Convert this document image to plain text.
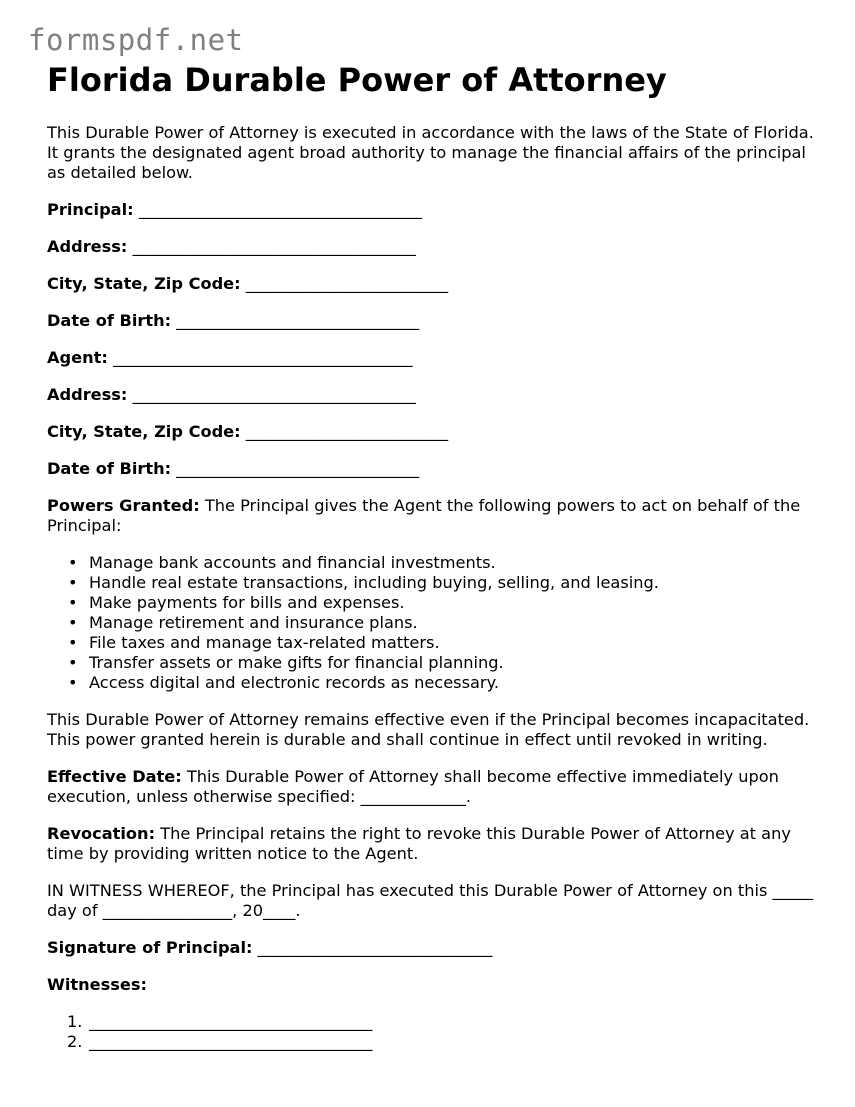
formspdf.net
Florida Durable Power of Attorney

This Durable Power of Attorney is executed in accordance with the laws of the State of Florida. It grants the designated agent broad authority to manage the financial affairs of the principal as detailed below.

Principal: ___________________________________

Address: ___________________________________

City, State, Zip Code: _________________________

Date of Birth: ______________________________

Agent: _____________________________________

Address: ___________________________________

City, State, Zip Code: _________________________

Date of Birth: ______________________________

Powers Granted: The Principal gives the Agent the following powers to act on behalf of the Principal:

• Manage bank accounts and financial investments.
• Handle real estate transactions, including buying, selling, and leasing.
• Make payments for bills and expenses.
• Manage retirement and insurance plans.
• File taxes and manage tax-related matters.
• Transfer assets or make gifts for financial planning.
• Access digital and electronic records as necessary.

This Durable Power of Attorney remains effective even if the Principal becomes incapacitated. This power granted herein is durable and shall continue in effect until revoked in writing.

Effective Date: This Durable Power of Attorney shall become effective immediately upon execution, unless otherwise specified: _____________.

Revocation: The Principal retains the right to revoke this Durable Power of Attorney at any time by providing written notice to the Agent.

IN WITNESS WHEREOF, the Principal has executed this Durable Power of Attorney on this _____ day of ________________, 20____.

Signature of Principal: _____________________________

Witnesses:

1. ___________________________________
2. ___________________________________
